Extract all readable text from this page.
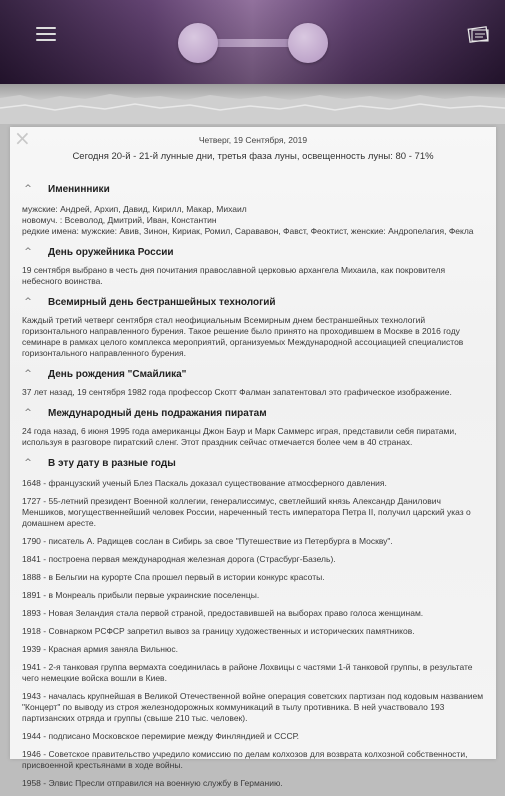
×	Четверг, 19 Сентября, 2019
Сегодня 20-й - 21-й лунные дни, третья фаза луны, освещенность луны: 80 - 71%
^ Именинники
мужские: Андрей, Архип, Давид, Кирилл, Макар, Михаил
новомуч. : Всеволод, Дмитрий, Иван, Константин
редкие имена: мужские: Авив, Зинон, Кириак, Ромил, Сарававон, Фавст, Феоктист, женские: Андропелагия, Фекла
^ День оружейника России
19 сентября выбрано в честь дня почитания православной церковью архангела Михаила, как покровителя небесного воинства.
^ Всемирный день бестраншейных технологий
Каждый третий четверг сентября стал неофициальным Всемирным днем бестраншейных технологий горизонтального направленного бурения. Такое решение было принято на проходившем в Москве в 2016 году семинаре в рамках целого комплекса мероприятий, организуемых Международной ассоциацией специалистов горизонтального направленного бурения.
^ День рождения "Смайлика"
37 лет назад, 19 сентября 1982 года профессор Скотт Фалман запатентовал это графическое изображение.
^ Международный день подражания пиратам
24 года назад, 6 июня 1995 года американцы Джон Баур и Марк Саммерс играя, представили себя пиратами, используя в разговоре пиратский сленг. Этот праздник сейчас отмечается более чем в 40 странах.
^ В эту дату в разные годы
1648 - французский ученый Блез Паскаль доказал существование атмосферного давления.
1727 - 55-летний президент Военной коллегии, генералиссимус, светлейший князь Александр Данилович Меншиков, могущественнейший человек России, нареченный тесть императора Петра II, получил царский указ о домашнем аресте.
1790 - писатель А. Радищев сослан в Сибирь за свое "Путешествие из Петербурга в Москву".
1841 - построена первая международная железная дорога (Страсбург-Базель).
1888 - в Бельгии на курорте Спа прошел первый в истории конкурс красоты.
1891 - в Монреаль прибыли первые украинские поселенцы.
1893 - Новая Зеландия стала первой страной, предоставившей на выборах право голоса женщинам.
1918 - Совнарком РСФСР запретил вывоз за границу художественных и исторических памятников.
1939 - Красная армия заняла Вильнюс.
1941 - 2-я танковая группа вермахта соединилась в районе Лохвицы с частями 1-й танковой группы, в результате чего немецкие войска вошли в Киев.
1943 - началась крупнейшая в Великой Отечественной войне операция советских партизан под кодовым названием "Концерт" по выводу из строя железнодорожных коммуникаций в тылу противника. В ней участвовало 193 партизанских отряда и группы (свыше 210 тыс. человек).
1944 - подписано Московское перемирие между Финляндией и СССР.
1946 - Советское правительство учредило комиссию по делам колхозов для возврата колхозной собственности, присвоенной крестьянами в ходе войны.
1958 - Элвис Пресли отправился на военную службу в Германию.
